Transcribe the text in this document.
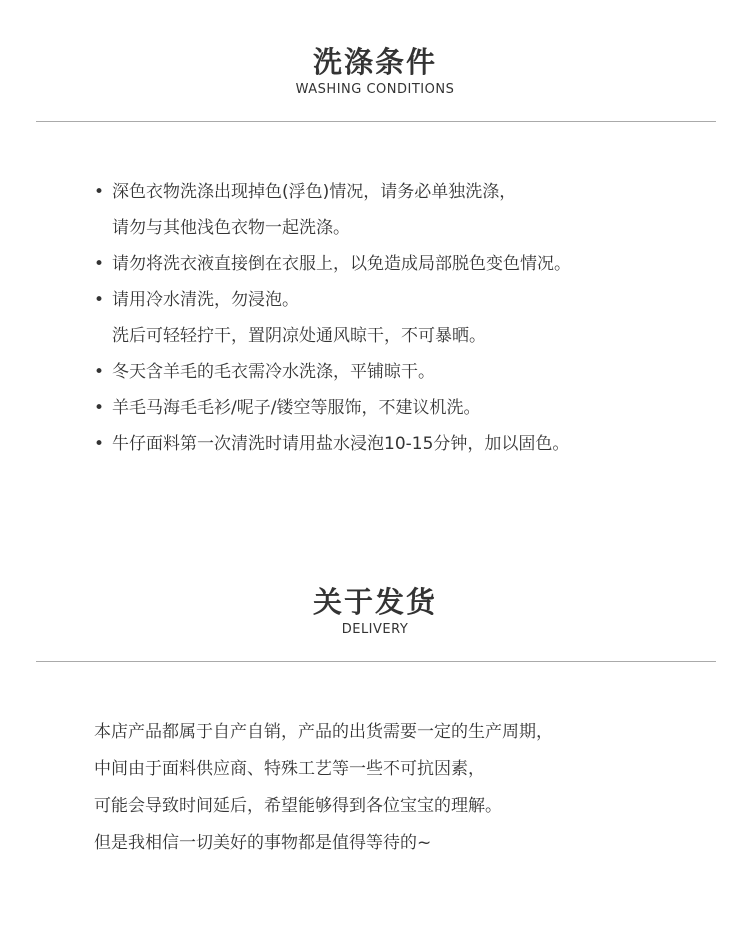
洗涤条件
WASHING CONDITIONS
• 深色衣物洗涤出现掉色(浮色)情况，请务必单独洗涤，
请勿与其他浅色衣物一起洗涤。
• 请勿将洗衣液直接倒在衣服上，以免造成局部脱色变色情况。
• 请用冷水清洗，勿浸泡。
洗后可轻轻拧干，置阴凉处通风晾干，不可暴晒。
• 冬天含羊毛的毛衣需冷水洗涤，平铺晾干。
• 羊毛马海毛毛衫/呢子/镂空等服饰，不建议机洗。
• 牛仔面料第一次清洗时请用盐水浸泡10-15分钟，加以固色。
关于发货
DELIVERY
本店产品都属于自产自销，产品的出货需要一定的生产周期，
中间由于面料供应商、特殊工艺等一些不可抗因素，
可能会导致时间延后，希望能够得到各位宝宝的理解。
但是我相信一切美好的事物都是值得等待的~
